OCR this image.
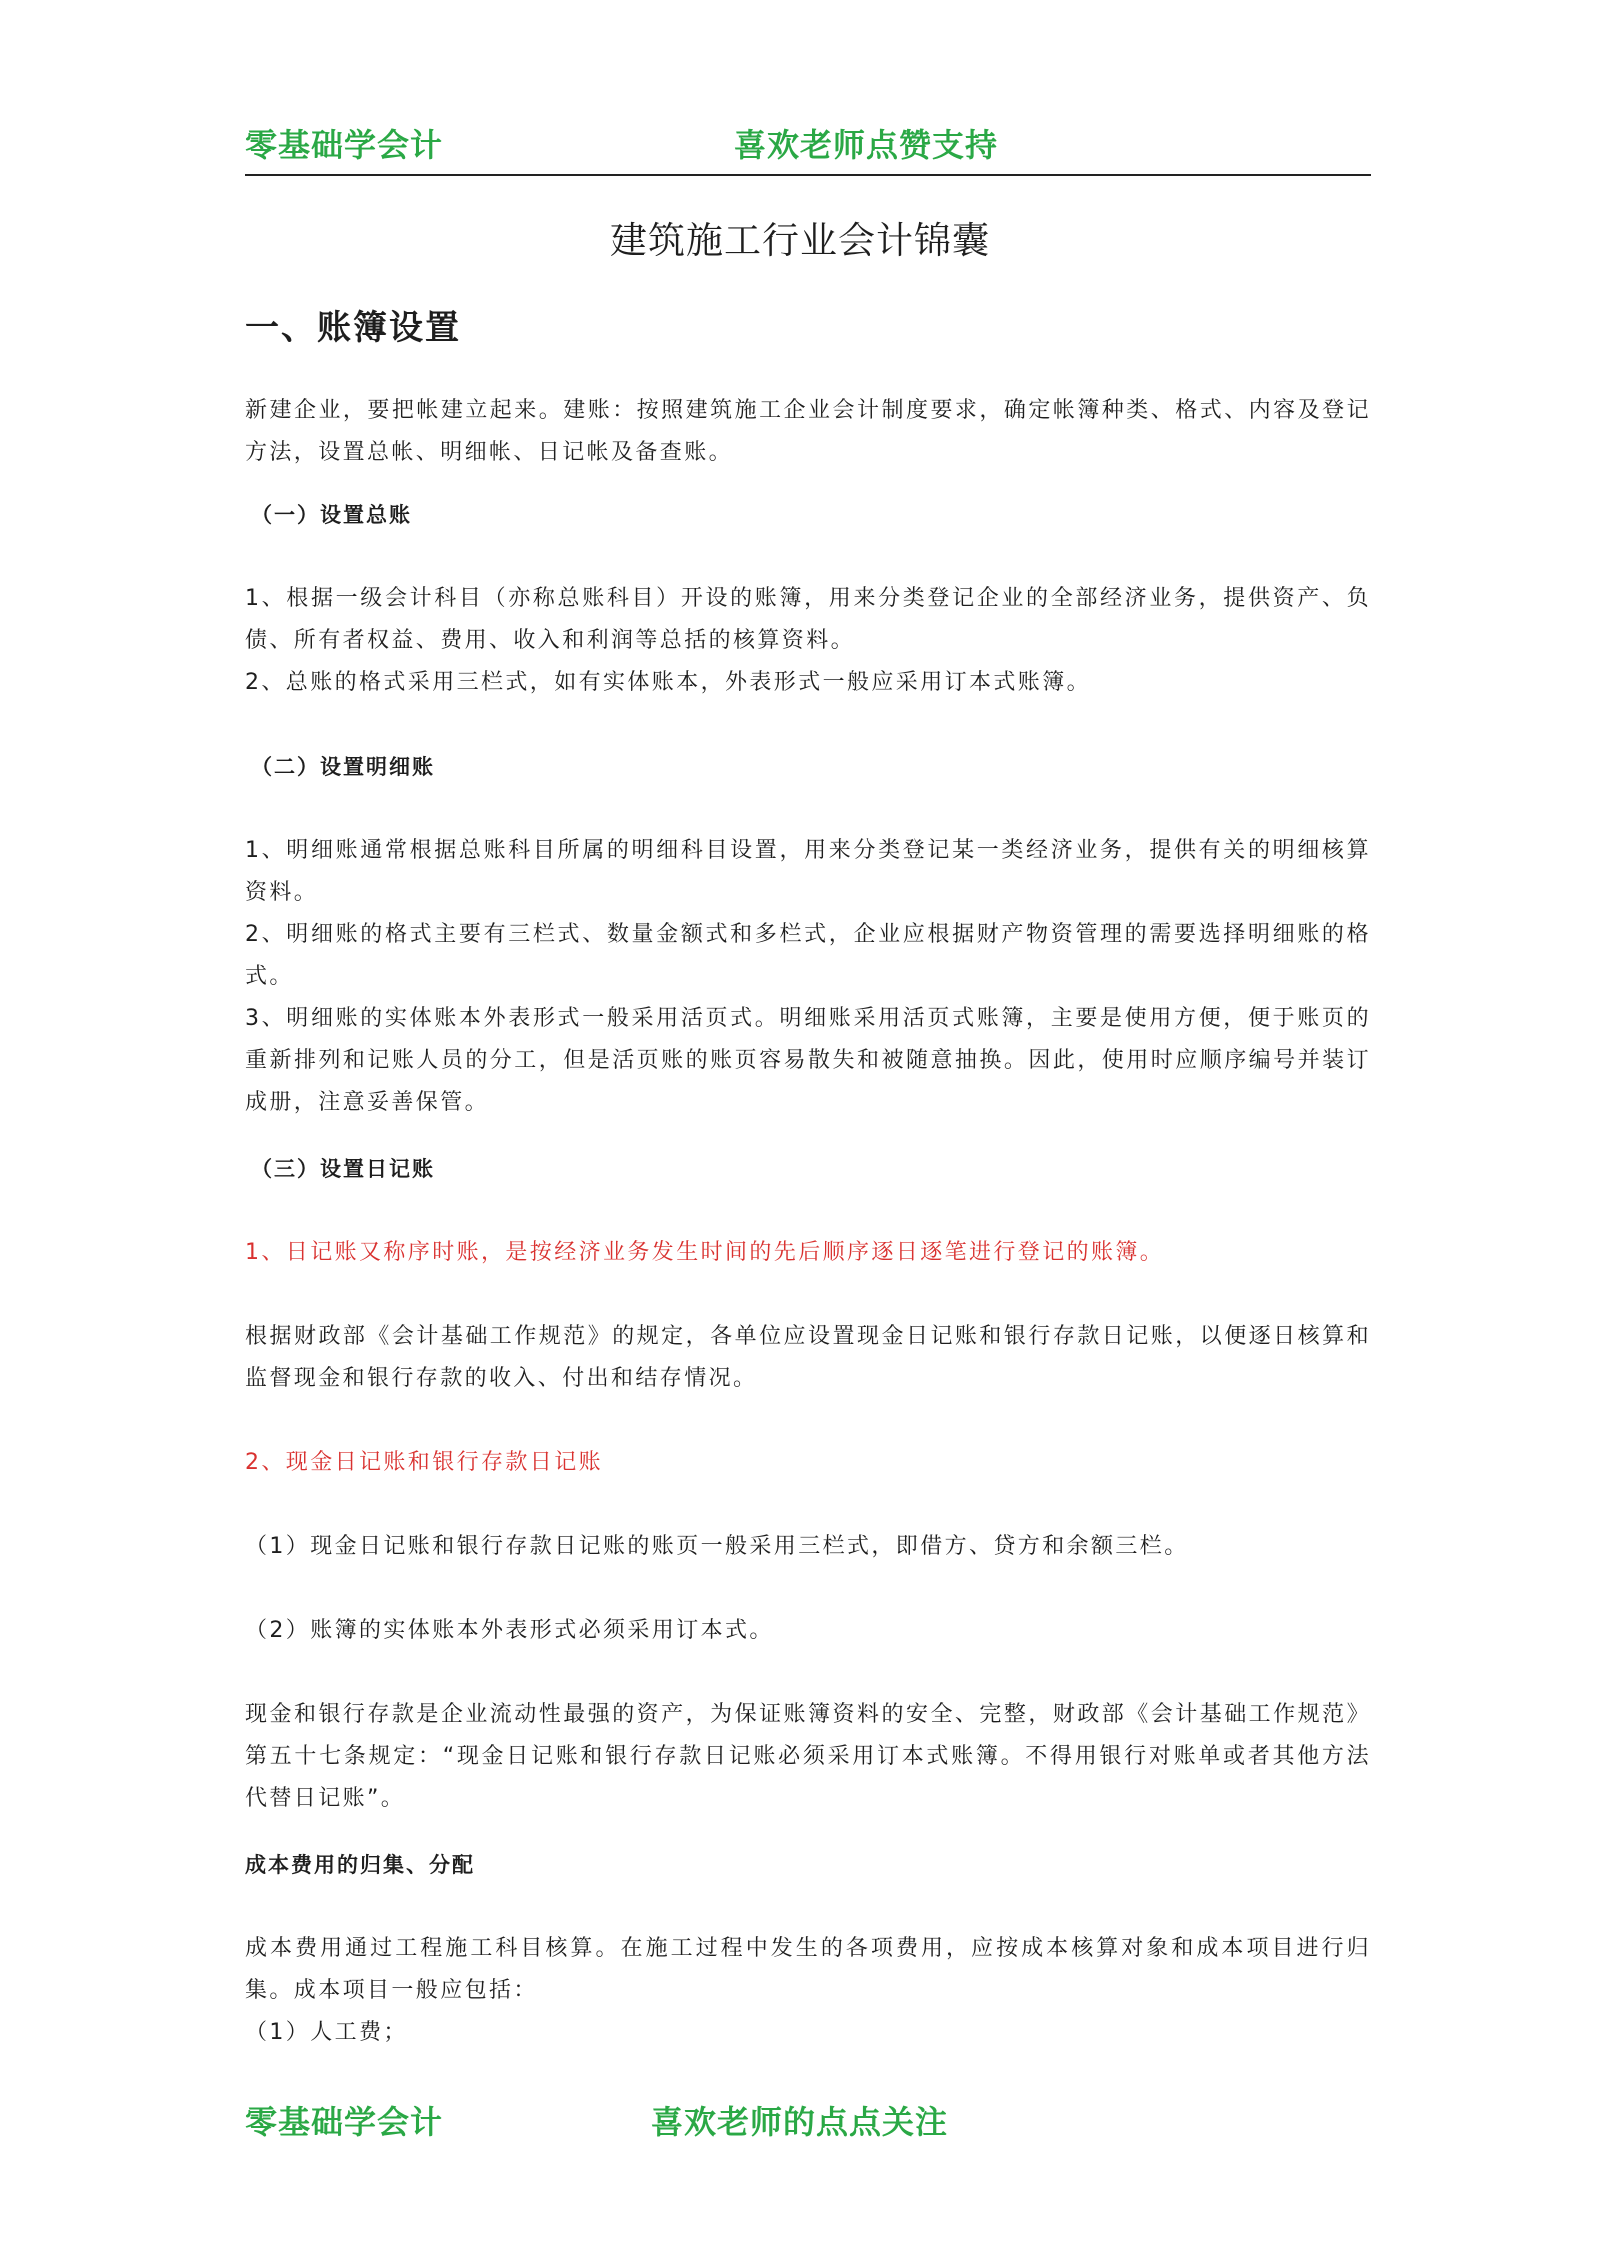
零基础学会计	喜欢老师点赞支持
建筑施工行业会计锦囊
一、账簿设置

新建企业，要把帐建立起来。建账：按照建筑施工企业会计制度要求，确定帐簿种类、格式、内容及登记方法，设置总帐、明细帐、日记帐及备查账。

（一）设置总账

1、根据一级会计科目（亦称总账科目）开设的账簿，用来分类登记企业的全部经济业务，提供资产、负债、所有者权益、费用、收入和利润等总括的核算资料。

2、总账的格式采用三栏式，如有实体账本，外表形式一般应采用订本式账簿。

（二）设置明细账

1、明细账通常根据总账科目所属的明细科目设置，用来分类登记某一类经济业务，提供有关的明细核算资料。

2、明细账的格式主要有三栏式、数量金额式和多栏式，企业应根据财产物资管理的需要选择明细账的格式。

3、明细账的实体账本外表形式一般采用活页式。明细账采用活页式账簿，主要是使用方便，便于账页的重新排列和记账人员的分工，但是活页账的账页容易散失和被随意抽换。因此，使用时应顺序编号并装订成册，注意妥善保管。

（三）设置日记账

1、日记账又称序时账，是按经济业务发生时间的先后顺序逐日逐笔进行登记的账簿。

根据财政部《会计基础工作规范》的规定，各单位应设置现金日记账和银行存款日记账，以便逐日核算和监督现金和银行存款的收入、付出和结存情况。

2、现金日记账和银行存款日记账

（1）现金日记账和银行存款日记账的账页一般采用三栏式，即借方、贷方和余额三栏。

（2）账簿的实体账本外表形式必须采用订本式。

现金和银行存款是企业流动性最强的资产，为保证账簿资料的安全、完整，财政部《会计基础工作规范》第五十七条规定：“现金日记账和银行存款日记账必须采用订本式账簿。不得用银行对账单或者其他方法代替日记账”。

成本费用的归集、分配

成本费用通过工程施工科目核算。在施工过程中发生的各项费用，应按成本核算对象和成本项目进行归集。成本项目一般应包括：

（1）人工费；

零基础学会计	喜欢老师的点点关注
